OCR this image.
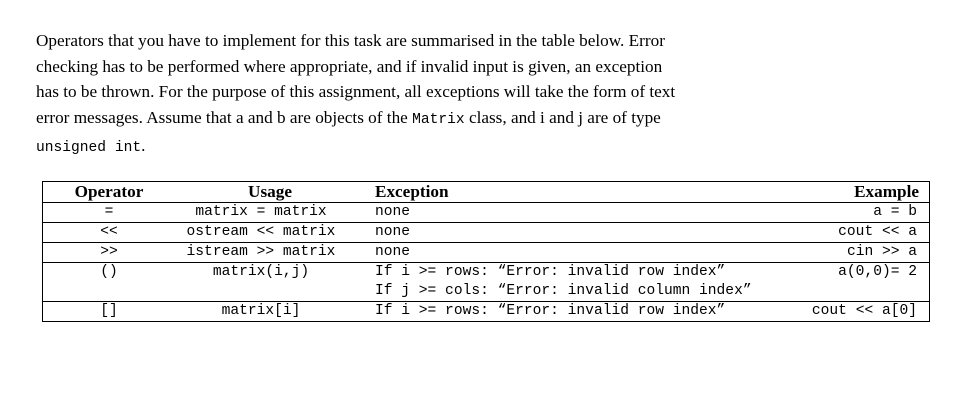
Operators that you have to implement for this task are summarised in the table below. Error
checking has to be performed where appropriate, and if invalid input is given, an exception
has to be thrown. For the purpose of this assignment, all exceptions will take the form of text
error messages. Assume that a and b are objects of the Matrix class, and i and j are of type
unsigned int.

Operator	Usage	Exception	Example
=	matrix = matrix	none	a = b

<<	ostream << matrix	none	cout << a

>>	istream >> matrix	none	cin >> a

()	matrix(i,j)	If i >= rows: “Error: invalid row index”	a(0,0)= 2
		If j >= cols: “Error: invalid column index”	

[]	matrix[i]	If i >= rows: “Error: invalid row index”	cout << a[0]
